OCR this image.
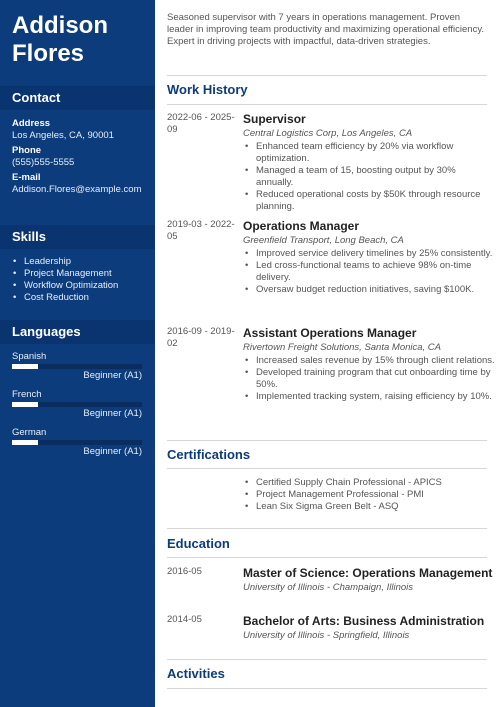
Addison
Flores
Contact
Address
Los Angeles, CA, 90001
Phone
(555)555-5555
E-mail
Addison.Flores@example.com
Skills
• Leadership
• Project Management
• Workflow Optimization
• Cost Reduction
Languages
Spanish
Beginner (A1)
French
Beginner (A1)
German
Beginner (A1)
Seasoned supervisor with 7 years in operations management. Proven leader in improving team productivity and maximizing operational efficiency. Expert in driving projects with impactful, data-driven strategies.
Work History
2022-06 - 2025-09
Supervisor
Central Logistics Corp, Los Angeles, CA
• Enhanced team efficiency by 20% via workflow optimization.
• Managed a team of 15, boosting output by 30% annually.
• Reduced operational costs by $50K through resource planning.
2019-03 - 2022-05
Operations Manager
Greenfield Transport, Long Beach, CA
• Improved service delivery timelines by 25% consistently.
• Led cross-functional teams to achieve 98% on-time delivery.
• Oversaw budget reduction initiatives, saving $100K.
2016-09 - 2019-02
Assistant Operations Manager
Rivertown Freight Solutions, Santa Monica, CA
• Increased sales revenue by 15% through client relations.
• Developed training program that cut onboarding time by 50%.
• Implemented tracking system, raising efficiency by 10%.
Certifications
• Certified Supply Chain Professional - APICS
• Project Management Professional - PMI
• Lean Six Sigma Green Belt - ASQ
Education
2016-05	Master of Science: Operations Management
University of Illinois - Champaign, Illinois
2014-05	Bachelor of Arts: Business Administration
University of Illinois - Springfield, Illinois
Activities
